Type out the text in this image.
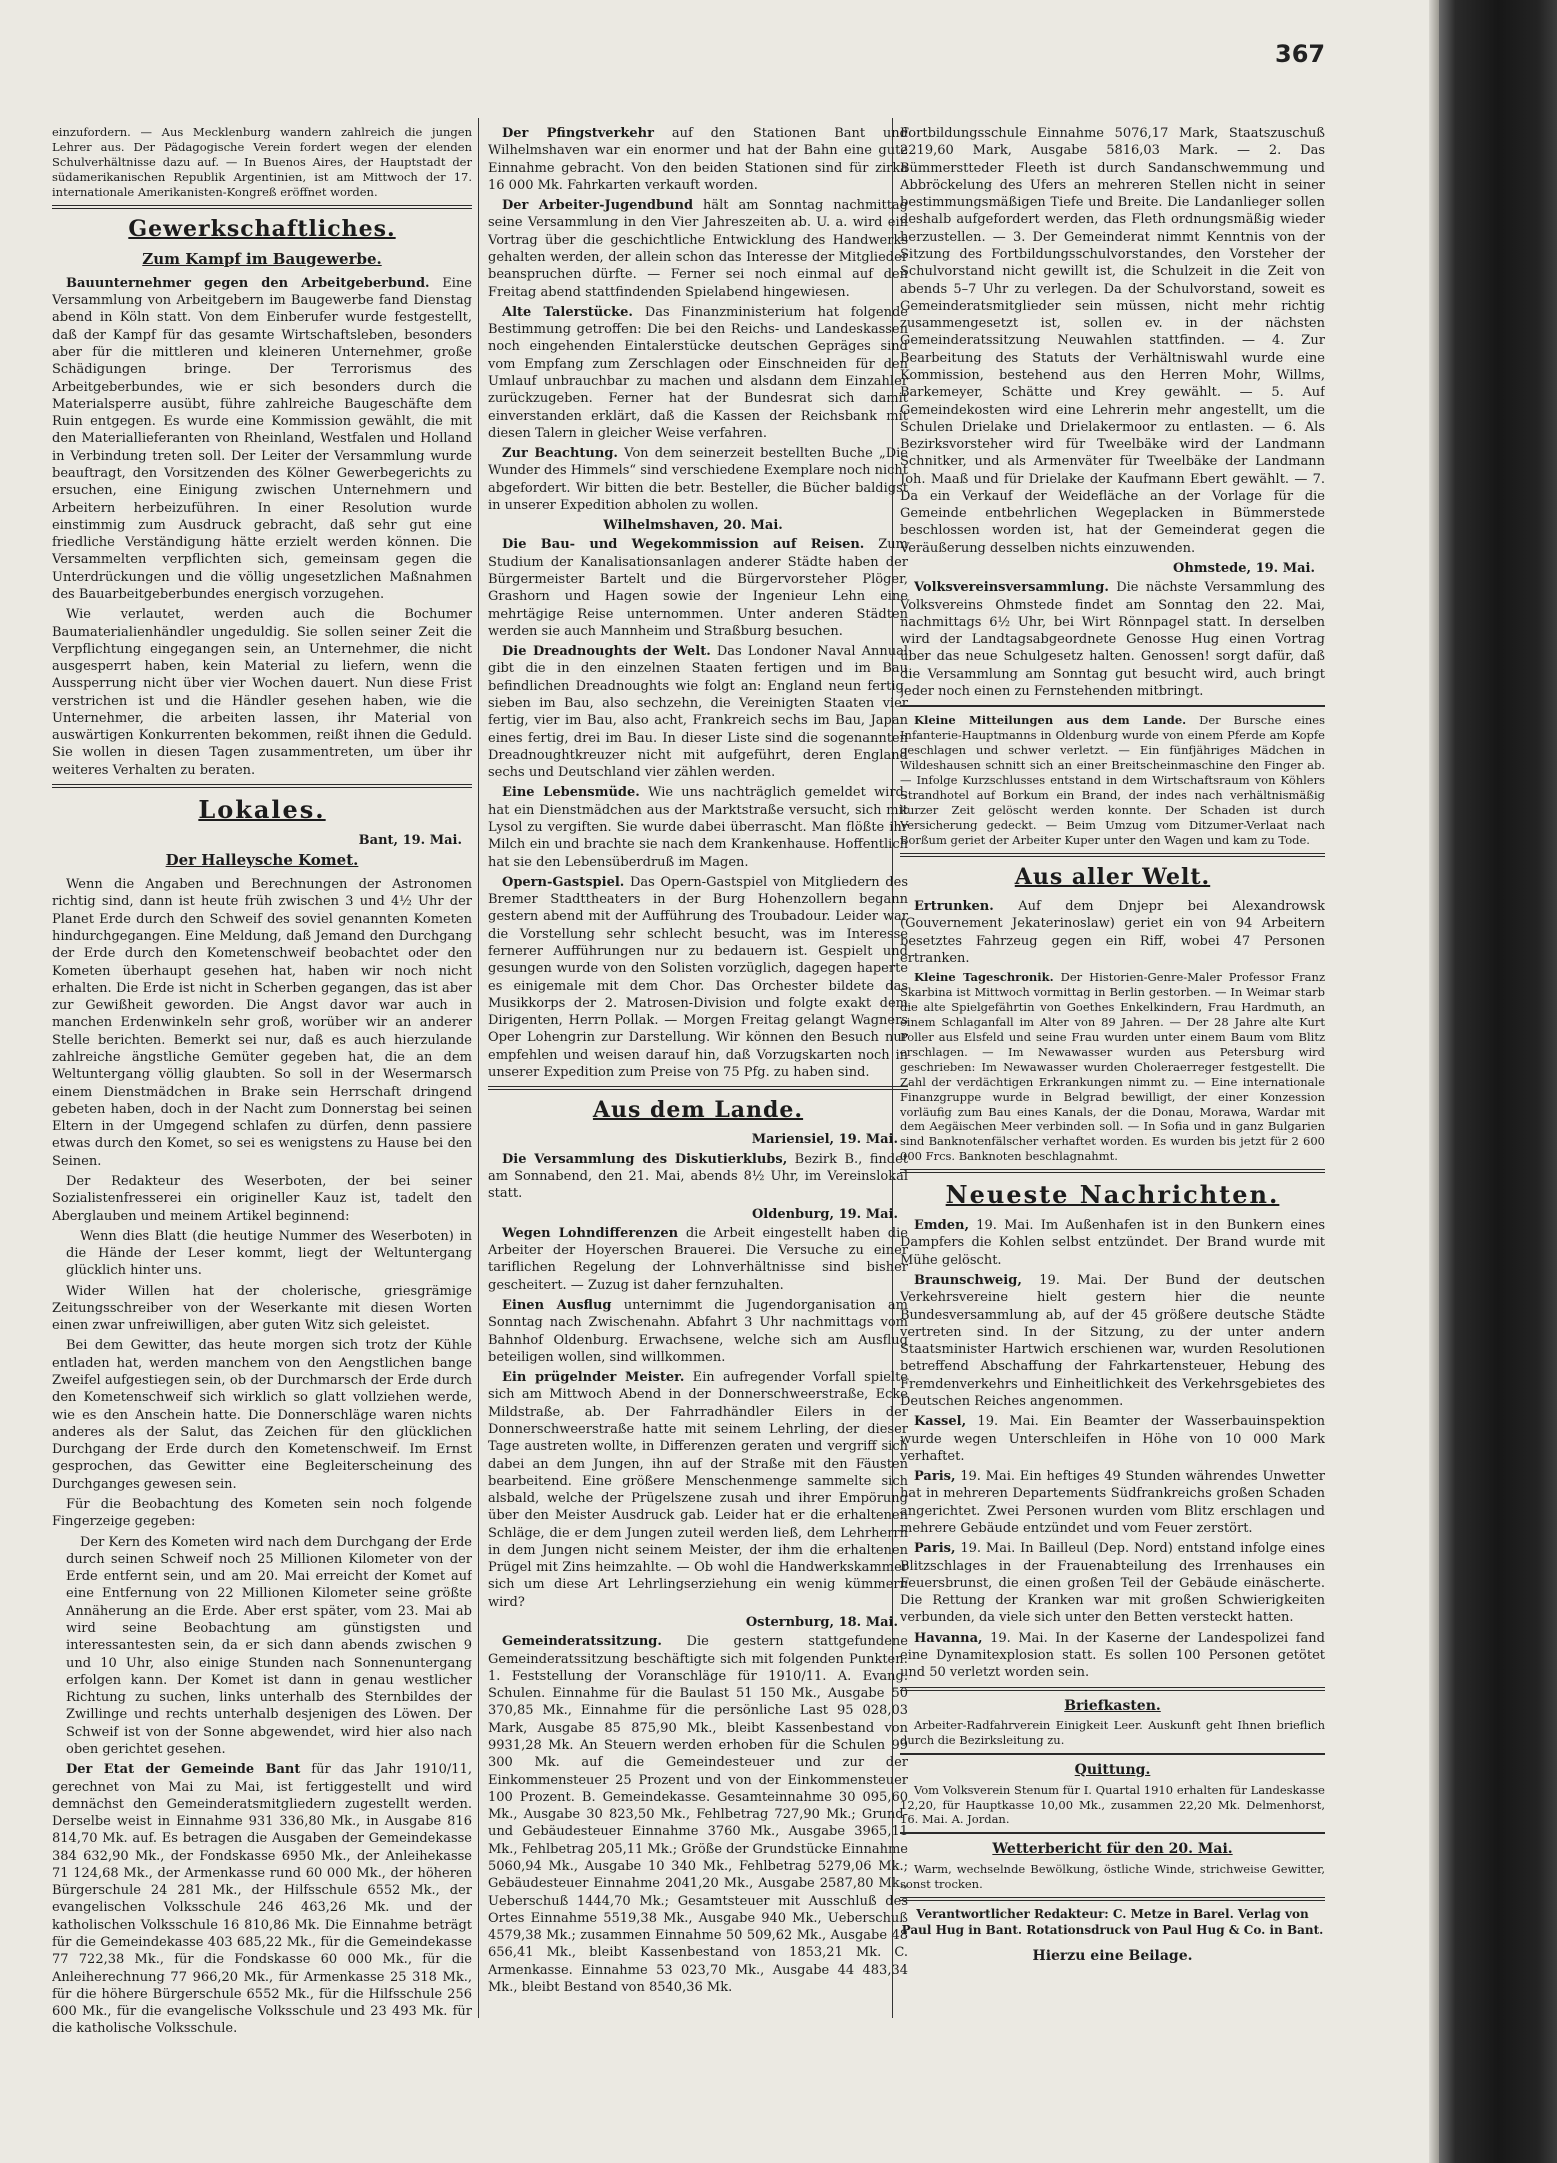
367

einzufordern. — Aus Mecklenburg wandern zahlreich die jungen Lehrer aus. Der Pädagogische Verein fordert wegen der elenden Schulverhältnisse dazu auf. — In Buenos Aires, der Hauptstadt der südamerikanischen Republik Argentinien, ist am Mittwoch der 17. internationale Amerikanisten-Kongreß eröffnet worden.

Gewerkschaftliches.
Zum Kampf im Baugewerbe.

Bauunternehmer gegen den Arbeitgeberbund. Eine Versammlung von Arbeitgebern im Baugewerbe fand Dienstag abend in Köln statt. Von dem Einberufer wurde festgestellt, daß der Kampf für das gesamte Wirtschaftsleben, besonders aber für die mittleren und kleineren Unternehmer, große Schädigungen bringe. Der Terrorismus des Arbeitgeberbundes, wie er sich besonders durch die Materialsperre ausübt, führe zahlreiche Baugeschäfte dem Ruin entgegen. Es wurde eine Kommission gewählt, die mit den Materiallieferanten von Rheinland, Westfalen und Holland in Verbindung treten soll. Der Leiter der Versammlung wurde beauftragt, den Vorsitzenden des Kölner Gewerbegerichts zu ersuchen, eine Einigung zwischen Unternehmern und Arbeitern herbeizuführen. In einer Resolution wurde einstimmig zum Ausdruck gebracht, daß sehr gut eine friedliche Verständigung hätte erzielt werden können. Die Versammelten verpflichten sich, gemeinsam gegen die Unterdrückungen und die völlig ungesetzlichen Maßnahmen des Bauarbeitgeberbundes energisch vorzugehen.

Wie verlautet, werden auch die Bochumer Baumaterialienhändler ungeduldig. Sie sollen seiner Zeit die Verpflichtung eingegangen sein, an Unternehmer, die nicht ausgesperrt haben, kein Material zu liefern, wenn die Aussperrung nicht über vier Wochen dauert. Nun diese Frist verstrichen ist und die Händler gesehen haben, wie die Unternehmer, die arbeiten lassen, ihr Material von auswärtigen Konkurrenten bekommen, reißt ihnen die Geduld. Sie wollen in diesen Tagen zusammentreten, um über ihr weiteres Verhalten zu beraten.

Lokales.
Bant, 19. Mai.
Der Halleysche Komet.

Wenn die Angaben und Berechnungen der Astronomen richtig sind, dann ist heute früh zwischen 3 und 4½ Uhr der Planet Erde durch den Schweif des soviel genannten Kometen hindurchgegangen. Eine Meldung, daß Jemand den Durchgang der Erde durch den Kometenschweif beobachtet oder den Kometen überhaupt gesehen hat, haben wir noch nicht erhalten. Die Erde ist nicht in Scherben gegangen, das ist aber zur Gewißheit geworden. Die Angst davor war auch in manchen Erdenwinkeln sehr groß, worüber wir an anderer Stelle berichten. Bemerkt sei nur, daß es auch hierzulande zahlreiche ängstliche Gemüter gegeben hat, die an dem Weltuntergang völlig glaubten. So soll in der Wesermarsch einem Dienstmädchen in Brake sein Herrschaft dringend gebeten haben, doch in der Nacht zum Donnerstag bei seinen Eltern in der Umgegend schlafen zu dürfen, denn passiere etwas durch den Komet, so sei es wenigstens zu Hause bei den Seinen.

Der Redakteur des Weserboten, der bei seiner Sozialistenfresserei ein origineller Kauz ist, tadelt den Aberglauben und meinem Artikel beginnend:

Wenn dies Blatt (die heutige Nummer des Weserboten) in die Hände der Leser kommt, liegt der Weltuntergang glücklich hinter uns.

Wider Willen hat der cholerische, griesgrämige Zeitungsschreiber von der Weserkante mit diesen Worten einen zwar unfreiwilligen, aber guten Witz sich geleistet.

Bei dem Gewitter, das heute morgen sich trotz der Kühle entladen hat, werden manchem von den Aengstlichen bange Zweifel aufgestiegen sein, ob der Durchmarsch der Erde durch den Kometenschweif sich wirklich so glatt vollziehen werde, wie es den Anschein hatte. Die Donnerschläge waren nichts anderes als der Salut, das Zeichen für den glücklichen Durchgang der Erde durch den Kometenschweif. Im Ernst gesprochen, das Gewitter eine Begleiterscheinung des Durchganges gewesen sein.

Für die Beobachtung des Kometen sein noch folgende Fingerzeige gegeben:

Der Kern des Kometen wird nach dem Durchgang der Erde durch seinen Schweif noch 25 Millionen Kilometer von der Erde entfernt sein, und am 20. Mai erreicht der Komet auf eine Entfernung von 22 Millionen Kilometer seine größte Annäherung an die Erde. Aber erst später, vom 23. Mai ab wird seine Beobachtung am günstigsten und interessantesten sein, da er sich dann abends zwischen 9 und 10 Uhr, also einige Stunden nach Sonnenuntergang erfolgen kann. Der Komet ist dann in genau westlicher Richtung zu suchen, links unterhalb des Sternbildes der Zwillinge und rechts unterhalb desjenigen des Löwen. Der Schweif ist von der Sonne abgewendet, wird hier also nach oben gerichtet gesehen.

Der Etat der Gemeinde Bant für das Jahr 1910/11, gerechnet von Mai zu Mai, ist fertiggestellt und wird demnächst den Gemeinderatsmitgliedern zugestellt werden. Derselbe weist in Einnahme 931 336,80 Mk., in Ausgabe 816 814,70 Mk. auf. Es betragen die Ausgaben der Gemeindekasse 384 632,90 Mk., der Fondskasse 6950 Mk., der Anleihekasse 71 124,68 Mk., der Armenkasse rund 60 000 Mk., der höheren Bürgerschule 24 281 Mk., der Hilfsschule 6552 Mk., der evangelischen Volksschule 246 463,26 Mk. und der katholischen Volksschule 16 810,86 Mk. Die Einnahme beträgt für die Gemeindekasse 403 685,22 Mk., für die Gemeindekasse 77 722,38 Mk., für die Fondskasse 60 000 Mk., für die Anleiherechnung 77 966,20 Mk., für Armenkasse 25 318 Mk., für die höhere Bürgerschule 6552 Mk., für die Hilfsschule 256 600 Mk., für die evangelische Volksschule und 23 493 Mk. für die katholische Volksschule.

Der Pfingstverkehr auf den Stationen Bant und Wilhelmshaven war ein enormer und hat der Bahn eine gute Einnahme gebracht. Von den beiden Stationen sind für zirka 16 000 Mk. Fahrkarten verkauft worden.

Der Arbeiter-Jugendbund hält am Sonntag nachmittag seine Versammlung in den Vier Jahreszeiten ab. U. a. wird ein Vortrag über die geschichtliche Entwicklung des Handwerks gehalten werden, der allein schon das Interesse der Mitglieder beanspruchen dürfte. — Ferner sei noch einmal auf den Freitag abend stattfindenden Spielabend hingewiesen.

Alte Talerstücke. Das Finanzministerium hat folgende Bestimmung getroffen: Die bei den Reichs- und Landeskassen noch eingehenden Eintalerstücke deutschen Gepräges sind vom Empfang zum Zerschlagen oder Einschneiden für den Umlauf unbrauchbar zu machen und alsdann dem Einzahler zurückzugeben. Ferner hat der Bundesrat sich damit einverstanden erklärt, daß die Kassen der Reichsbank mit diesen Talern in gleicher Weise verfahren.

Zur Beachtung. Von dem seinerzeit bestellten Buche „Die Wunder des Himmels“ sind verschiedene Exemplare noch nicht abgefordert. Wir bitten die betr. Besteller, die Bücher baldigst in unserer Expedition abholen zu wollen.

Wilhelmshaven, 20. Mai.

Die Bau- und Wegekommission auf Reisen. Zum Studium der Kanalisationsanlagen anderer Städte haben der Bürgermeister Bartelt und die Bürgervorsteher Plöger, Grashorn und Hagen sowie der Ingenieur Lehn eine mehrtägige Reise unternommen. Unter anderen Städten werden sie auch Mannheim und Straßburg besuchen.

Die Dreadnoughts der Welt. Das Londoner Naval Annual gibt die in den einzelnen Staaten fertigen und im Bau befindlichen Dreadnoughts wie folgt an: England neun fertig, sieben im Bau, also sechzehn, die Vereinigten Staaten vier fertig, vier im Bau, also acht, Frankreich sechs im Bau, Japan eines fertig, drei im Bau. In dieser Liste sind die sogenannten Dreadnoughtkreuzer nicht mit aufgeführt, deren England sechs und Deutschland vier zählen werden.

Eine Lebensmüde. Wie uns nachträglich gemeldet wird, hat ein Dienstmädchen aus der Marktstraße versucht, sich mit Lysol zu vergiften. Sie wurde dabei überrascht. Man flößte ihr Milch ein und brachte sie nach dem Krankenhause. Hoffentlich hat sie den Lebensüberdruß im Magen.

Opern-Gastspiel. Das Opern-Gastspiel von Mitgliedern des Bremer Stadttheaters in der Burg Hohenzollern begann gestern abend mit der Aufführung des Troubadour. Leider war die Vorstellung sehr schlecht besucht, was im Interesse fernerer Aufführungen nur zu bedauern ist. Gespielt und gesungen wurde von den Solisten vorzüglich, dagegen haperte es einigemale mit dem Chor. Das Orchester bildete das Musikkorps der 2. Matrosen-Division und folgte exakt dem Dirigenten, Herrn Pollak. — Morgen Freitag gelangt Wagners Oper Lohengrin zur Darstellung. Wir können den Besuch nur empfehlen und weisen darauf hin, daß Vorzugskarten noch in unserer Expedition zum Preise von 75 Pfg. zu haben sind.

Aus dem Lande.
Mariensiel, 19. Mai.

Die Versammlung des Diskutierklubs, Bezirk B., findet am Sonnabend, den 21. Mai, abends 8½ Uhr, im Vereinslokal statt.

Oldenburg, 19. Mai.

Wegen Lohndifferenzen die Arbeit eingestellt haben die Arbeiter der Hoyerschen Brauerei. Die Versuche zu einer tariflichen Regelung der Lohnverhältnisse sind bisher gescheitert. — Zuzug ist daher fernzuhalten.

Einen Ausflug unternimmt die Jugendorganisation am Sonntag nach Zwischenahn. Abfahrt 3 Uhr nachmittags vom Bahnhof Oldenburg. Erwachsene, welche sich am Ausflug beteiligen wollen, sind willkommen.

Ein prügelnder Meister. Ein aufregender Vorfall spielte sich am Mittwoch Abend in der Donnerschweerstraße, Ecke Mildstraße, ab. Der Fahrradhändler Eilers in der Donnerschweerstraße hatte mit seinem Lehrling, der dieser Tage austreten wollte, in Differenzen geraten und vergriff sich dabei an dem Jungen, ihn auf der Straße mit den Fäusten bearbeitend. Eine größere Menschenmenge sammelte sich alsbald, welche der Prügelszene zusah und ihrer Empörung über den Meister Ausdruck gab. Leider hat er die erhaltenen Schläge, die er dem Jungen zuteil werden ließ, dem Lehrherrn in dem Jungen nicht seinem Meister, der ihm die erhaltenen Prügel mit Zins heimzahlte. — Ob wohl die Handwerkskammer sich um diese Art Lehrlingserziehung ein wenig kümmern wird?

Osternburg, 18. Mai.

Gemeinderatssitzung. Die gestern stattgefundene Gemeinderatssitzung beschäftigte sich mit folgenden Punkten: 1. Feststellung der Voranschläge für 1910/11. A. Evang. Schulen. Einnahme für die Baulast 51 150 Mk., Ausgabe 50 370,85 Mk., Einnahme für die persönliche Last 95 028,03 Mark, Ausgabe 85 875,90 Mk., bleibt Kassenbestand von 9931,28 Mk. An Steuern werden erhoben für die Schulen 99 300 Mk. auf die Gemeindesteuer und zur der Einkommensteuer 25 Prozent und von der Einkommensteuer 100 Prozent. B. Gemeindekasse. Gesamteinnahme 30 095,60 Mk., Ausgabe 30 823,50 Mk., Fehlbetrag 727,90 Mk.; Grund- und Gebäudesteuer Einnahme 3760 Mk., Ausgabe 3965,11 Mk., Fehlbetrag 205,11 Mk.; Größe der Grundstücke Einnahme 5060,94 Mk., Ausgabe 10 340 Mk., Fehlbetrag 5279,06 Mk.; Gebäudesteuer Einnahme 2041,20 Mk., Ausgabe 2587,80 Mk., Ueberschuß 1444,70 Mk.; Gesamtsteuer mit Ausschluß des Ortes Einnahme 5519,38 Mk., Ausgabe 940 Mk., Ueberschuß 4579,38 Mk.; zusammen Einnahme 50 509,62 Mk., Ausgabe 48 656,41 Mk., bleibt Kassenbestand von 1853,21 Mk. C. Armenkasse. Einnahme 53 023,70 Mk., Ausgabe 44 483,34 Mk., bleibt Bestand von 8540,36 Mk.

Fortbildungsschule Einnahme 5076,17 Mark, Staatszuschuß 2219,60 Mark, Ausgabe 5816,03 Mark. — 2. Das Bümmerstteder Fleeth ist durch Sandanschwemmung und Abbröckelung des Ufers an mehreren Stellen nicht in seiner bestimmungsmäßigen Tiefe und Breite. Die Landanlieger sollen deshalb aufgefordert werden, das Fleth ordnungsmäßig wieder herzustellen. — 3. Der Gemeinderat nimmt Kenntnis von der Sitzung des Fortbildungsschulvorstandes, den Vorsteher der Schulvorstand nicht gewillt ist, die Schulzeit in die Zeit von abends 5–7 Uhr zu verlegen. Da der Schulvorstand, soweit es Gemeinderatsmitglieder sein müssen, nicht mehr richtig zusammengesetzt ist, sollen ev. in der nächsten Gemeinderatssitzung Neuwahlen stattfinden. — 4. Zur Bearbeitung des Statuts der Verhältniswahl wurde eine Kommission, bestehend aus den Herren Mohr, Willms, Barkemeyer, Schätte und Krey gewählt. — 5. Auf Gemeindekosten wird eine Lehrerin mehr angestellt, um die Schulen Drielake und Drielakermoor zu entlasten. — 6. Als Bezirksvorsteher wird für Tweelbäke wird der Landmann Schnitker, und als Armenväter für Tweelbäke der Landmann Joh. Maaß und für Drielake der Kaufmann Ebert gewählt. — 7. Da ein Verkauf der Weidefläche an der Vorlage für die Gemeinde entbehrlichen Wegeplacken in Bümmerstede beschlossen worden ist, hat der Gemeinderat gegen die Veräußerung desselben nichts einzuwenden.

Ohmstede, 19. Mai.

Volksvereinsversammlung. Die nächste Versammlung des Volksvereins Ohmstede findet am Sonntag den 22. Mai, nachmittags 6½ Uhr, bei Wirt Rönnpagel statt. In derselben wird der Landtagsabgeordnete Genosse Hug einen Vortrag über das neue Schulgesetz halten. Genossen! sorgt dafür, daß die Versammlung am Sonntag gut besucht wird, auch bringt jeder noch einen zu Fernstehenden mitbringt.

Kleine Mitteilungen aus dem Lande. Der Bursche eines Infanterie-Hauptmanns in Oldenburg wurde von einem Pferde am Kopfe geschlagen und schwer verletzt. — Ein fünfjähriges Mädchen in Wildeshausen schnitt sich an einer Breitscheinmaschine den Finger ab. — Infolge Kurzschlusses entstand in dem Wirtschaftsraum von Köhlers Strandhotel auf Borkum ein Brand, der indes nach verhältnismäßig kurzer Zeit gelöscht werden konnte. Der Schaden ist durch Versicherung gedeckt. — Beim Umzug vom Ditzumer-Verlaat nach Borßum geriet der Arbeiter Kuper unter den Wagen und kam zu Tode.

Aus aller Welt.

Ertrunken. Auf dem Dnjepr bei Alexandrowsk (Gouvernement Jekaterinoslaw) geriet ein von 94 Arbeitern besetztes Fahrzeug gegen ein Riff, wobei 47 Personen ertranken.

Kleine Tageschronik. Der Historien-Genre-Maler Professor Franz Skarbina ist Mittwoch vormittag in Berlin gestorben. — In Weimar starb die alte Spielgefährtin von Goethes Enkelkindern, Frau Hardmuth, an einem Schlaganfall im Alter von 89 Jahren. — Der 28 Jahre alte Kurt Poller aus Elsfeld und seine Frau wurden unter einem Baum vom Blitz erschlagen. — Im Newawasser wurden aus Petersburg wird geschrieben: Im Newawasser wurden Choleraerreger festgestellt. Die Zahl der verdächtigen Erkrankungen nimmt zu. — Eine internationale Finanzgruppe wurde in Belgrad bewilligt, der einer Konzession vorläufig zum Bau eines Kanals, der die Donau, Morawa, Wardar mit dem Aegäischen Meer verbinden soll. — In Sofia und in ganz Bulgarien sind Banknotenfälscher verhaftet worden. Es wurden bis jetzt für 2 600 000 Frcs. Banknoten beschlagnahmt.

Neueste Nachrichten.

Emden, 19. Mai. Im Außenhafen ist in den Bunkern eines Dampfers die Kohlen selbst entzündet. Der Brand wurde mit Mühe gelöscht.

Braunschweig, 19. Mai. Der Bund der deutschen Verkehrsvereine hielt gestern hier die neunte Bundesversammlung ab, auf der 45 größere deutsche Städte vertreten sind. In der Sitzung, zu der unter andern Staatsminister Hartwich erschienen war, wurden Resolutionen betreffend Abschaffung der Fahrkartensteuer, Hebung des Fremdenverkehrs und Einheitlichkeit des Verkehrsgebietes des Deutschen Reiches angenommen.

Kassel, 19. Mai. Ein Beamter der Wasserbauinspektion wurde wegen Unterschleifen in Höhe von 10 000 Mark verhaftet.

Paris, 19. Mai. Ein heftiges 49 Stunden währendes Unwetter hat in mehreren Departements Südfrankreichs großen Schaden angerichtet. Zwei Personen wurden vom Blitz erschlagen und mehrere Gebäude entzündet und vom Feuer zerstört.

Paris, 19. Mai. In Bailleul (Dep. Nord) entstand infolge eines Blitzschlages in der Frauenabteilung des Irrenhauses ein Feuersbrunst, die einen großen Teil der Gebäude einäscherte. Die Rettung der Kranken war mit großen Schwierigkeiten verbunden, da viele sich unter den Betten versteckt hatten.

Havanna, 19. Mai. In der Kaserne der Landespolizei fand eine Dynamitexplosion statt. Es sollen 100 Personen getötet und 50 verletzt worden sein.

Briefkasten.

Arbeiter-Radfahrverein Einigkeit Leer. Auskunft geht Ihnen brieflich durch die Bezirksleitung zu.

Quittung.

Vom Volksverein Stenum für I. Quartal 1910 erhalten für Landeskasse 12,20, für Hauptkasse 10,00 Mk., zusammen 22,20 Mk. Delmenhorst, 16. Mai. A. Jordan.

Wetterbericht für den 20. Mai.

Warm, wechselnde Bewölkung, östliche Winde, strichweise Gewitter, sonst trocken.

Verantwortlicher Redakteur: C. Metze in Barel. Verlag von Paul Hug in Bant. Rotationsdruck von Paul Hug & Co. in Bant.
Hierzu eine Beilage.
